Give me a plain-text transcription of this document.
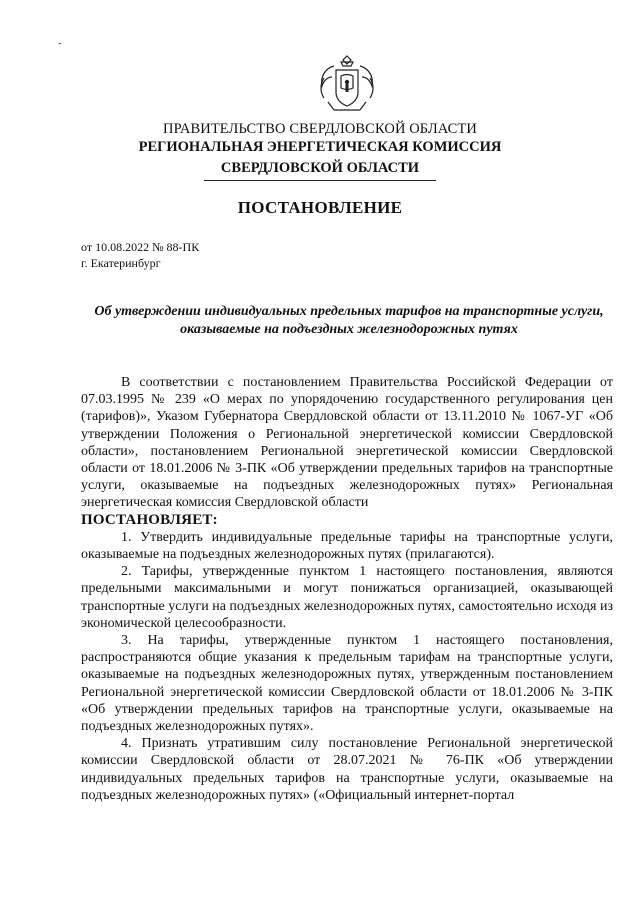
-
ПРАВИТЕЛЬСТВО СВЕРДЛОВСКОЙ ОБЛАСТИ
РЕГИОНАЛЬНАЯ ЭНЕРГЕТИЧЕСКАЯ КОМИССИЯ
СВЕРДЛОВСКОЙ ОБЛАСТИ
ПОСТАНОВЛЕНИЕ
от 10.08.2022 № 88-ПК
г. Екатеринбург
Об утверждении индивидуальных предельных тарифов на транспортные услуги, оказываемые на подъездных железнодорожных путях

В соответствии с постановлением Правительства Российской Федерации от 07.03.1995 № 239 «О мерах по упорядочению государственного регулирования цен (тарифов)», Указом Губернатора Свердловской области от 13.11.2010 № 1067-УГ «Об утверждении Положения о Региональной энергетической комиссии Свердловской области», постановлением Региональной энергетической комиссии Свердловской области от 18.01.2006 № 3-ПК «Об утверждении предельных тарифов на транспортные услуги, оказываемые на подъездных железнодорожных путях» Региональная энергетическая комиссия Свердловской области

ПОСТАНОВЛЯЕТ:

1. Утвердить индивидуальные предельные тарифы на транспортные услуги, оказываемые на подъездных железнодорожных путях (прилагаются).

2. Тарифы, утвержденные пунктом 1 настоящего постановления, являются предельными максимальными и могут понижаться организацией, оказывающей транспортные услуги на подъездных железнодорожных путях, самостоятельно исходя из экономической целесообразности.

3. На тарифы, утвержденные пунктом 1 настоящего постановления, распространяются общие указания к предельным тарифам на транспортные услуги, оказываемые на подъездных железнодорожных путях, утвержденным постановлением Региональной энергетической комиссии Свердловской области от 18.01.2006 № 3-ПК «Об утверждении предельных тарифов на транспортные услуги, оказываемые на подъездных железнодорожных путях».

4. Признать утратившим силу постановление Региональной энергетической комиссии Свердловской области от 28.07.2021 № 76-ПК «Об утверждении индивидуальных предельных тарифов на транспортные услуги, оказываемые на подъездных железнодорожных путях» («Официальный интернет-портал
